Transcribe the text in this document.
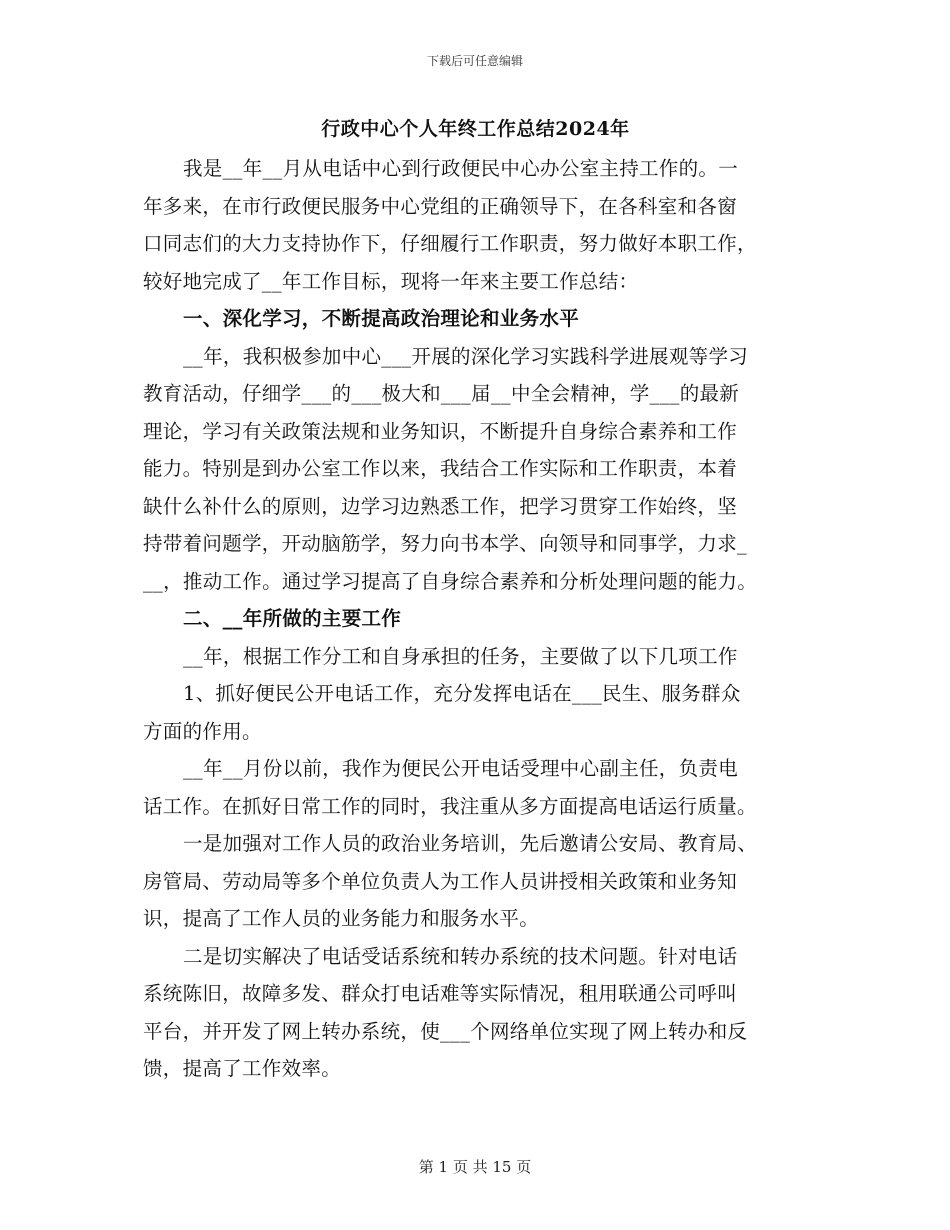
下载后可任意编辑
行政中心个人年终工作总结2024年
我是__年__月从电话中心到行政便民中心办公室主持工作的。一
年多来，在市行政便民服务中心党组的正确领导下，在各科室和各窗
口同志们的大力支持协作下，仔细履行工作职责，努力做好本职工作，
较好地完成了__年工作目标，现将一年来主要工作总结：
一、深化学习，不断提高政治理论和业务水平
__年，我积极参加中心___开展的深化学习实践科学进展观等学习
教育活动，仔细学___的___极大和___届__中全会精神，学___的最新
理论，学习有关政策法规和业务知识，不断提升自身综合素养和工作
能力。特别是到办公室工作以来，我结合工作实际和工作职责，本着
缺什么补什么的原则，边学习边熟悉工作，把学习贯穿工作始终，坚
持带着问题学，开动脑筋学，努力向书本学、向领导和同事学，力求_
__，推动工作。通过学习提高了自身综合素养和分析处理问题的能力。
二、__年所做的主要工作
__年，根据工作分工和自身承担的任务，主要做了以下几项工作
1、抓好便民公开电话工作，充分发挥电话在___民生、服务群众
方面的作用。
__年__月份以前，我作为便民公开电话受理中心副主任，负责电
话工作。在抓好日常工作的同时，我注重从多方面提高电话运行质量。
一是加强对工作人员的政治业务培训，先后邀请公安局、教育局、
房管局、劳动局等多个单位负责人为工作人员讲授相关政策和业务知
识，提高了工作人员的业务能力和服务水平。
二是切实解决了电话受话系统和转办系统的技术问题。针对电话
系统陈旧，故障多发、群众打电话难等实际情况，租用联通公司呼叫
平台，并开发了网上转办系统，使___个网络单位实现了网上转办和反
馈，提高了工作效率。
第 1 页 共 15 页
